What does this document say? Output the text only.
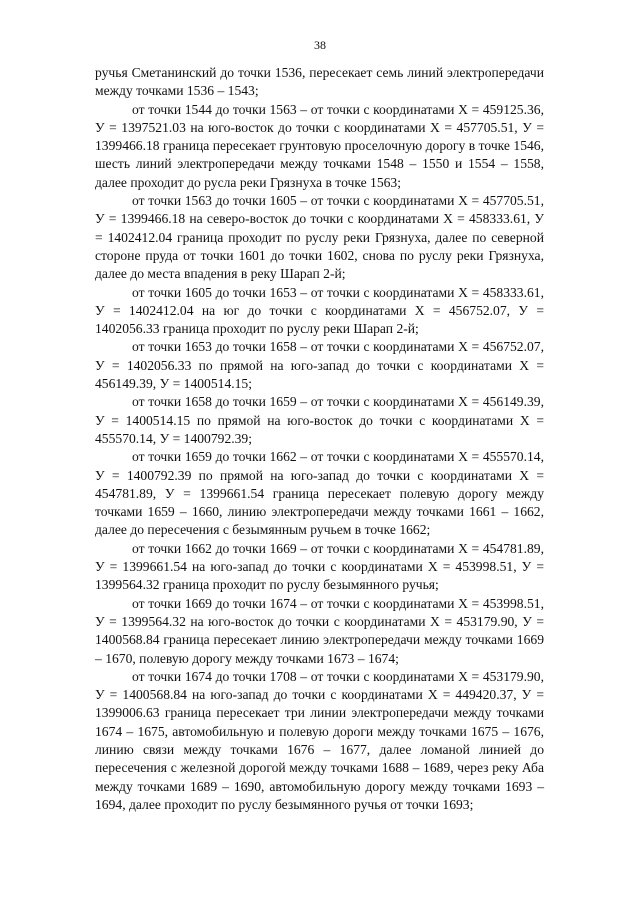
38

ручья Сметанинский до точки 1536, пересекает семь линий электропередачи между точками 1536 – 1543;

от точки 1544 до точки 1563 – от точки с координатами Х = 459125.36, У = 1397521.03 на юго-восток до точки с координатами Х = 457705.51, У = 1399466.18 граница пересекает грунтовую проселочную дорогу в точке 1546, шесть линий электропередачи между точками 1548 – 1550 и 1554 – 1558, далее проходит до русла реки Грязнуха в точке 1563;

от точки 1563 до точки 1605 – от точки с координатами Х = 457705.51, У = 1399466.18 на северо-восток до точки с координатами Х = 458333.61, У = 1402412.04 граница проходит по руслу реки Грязнуха, далее по северной стороне пруда от точки 1601 до точки 1602, снова по руслу реки Грязнуха, далее до места впадения в реку Шарап 2-й;

от точки 1605 до точки 1653 – от точки с координатами Х = 458333.61, У = 1402412.04 на юг до точки с координатами Х = 456752.07, У = 1402056.33 граница проходит по руслу реки Шарап 2-й;

от точки 1653 до точки 1658 – от точки с координатами Х = 456752.07, У = 1402056.33 по прямой на юго-запад до точки с координатами Х = 456149.39, У = 1400514.15;

от точки 1658 до точки 1659 – от точки с координатами Х = 456149.39, У = 1400514.15 по прямой на юго-восток до точки с координатами Х = 455570.14, У = 1400792.39;

от точки 1659 до точки 1662 – от точки с координатами Х = 455570.14, У = 1400792.39 по прямой на юго-запад до точки с координатами Х = 454781.89, У = 1399661.54 граница пересекает полевую дорогу между точками 1659 – 1660, линию электропередачи между точками 1661 – 1662, далее до пересечения с безымянным ручьем в точке 1662;

от точки 1662 до точки 1669 – от точки с координатами Х = 454781.89, У = 1399661.54 на юго-запад до точки с координатами Х = 453998.51, У = 1399564.32 граница проходит по руслу безымянного ручья;

от точки 1669 до точки 1674 – от точки с координатами Х = 453998.51, У = 1399564.32 на юго-восток до точки с координатами Х = 453179.90, У = 1400568.84 граница пересекает линию электропередачи между точками 1669 – 1670, полевую дорогу между точками 1673 – 1674;

от точки 1674 до точки 1708 – от точки с координатами Х = 453179.90, У = 1400568.84 на юго-запад до точки с координатами Х = 449420.37, У = 1399006.63 граница пересекает три линии электропередачи между точками 1674 – 1675, автомобильную и полевую дороги между точками 1675 – 1676, линию связи между точками 1676 – 1677, далее ломаной линией до пересечения с железной дорогой между точками 1688 – 1689, через реку Аба между точками 1689 – 1690, автомобильную дорогу между точками 1693 – 1694, далее проходит по руслу безымянного ручья от точки 1693;
